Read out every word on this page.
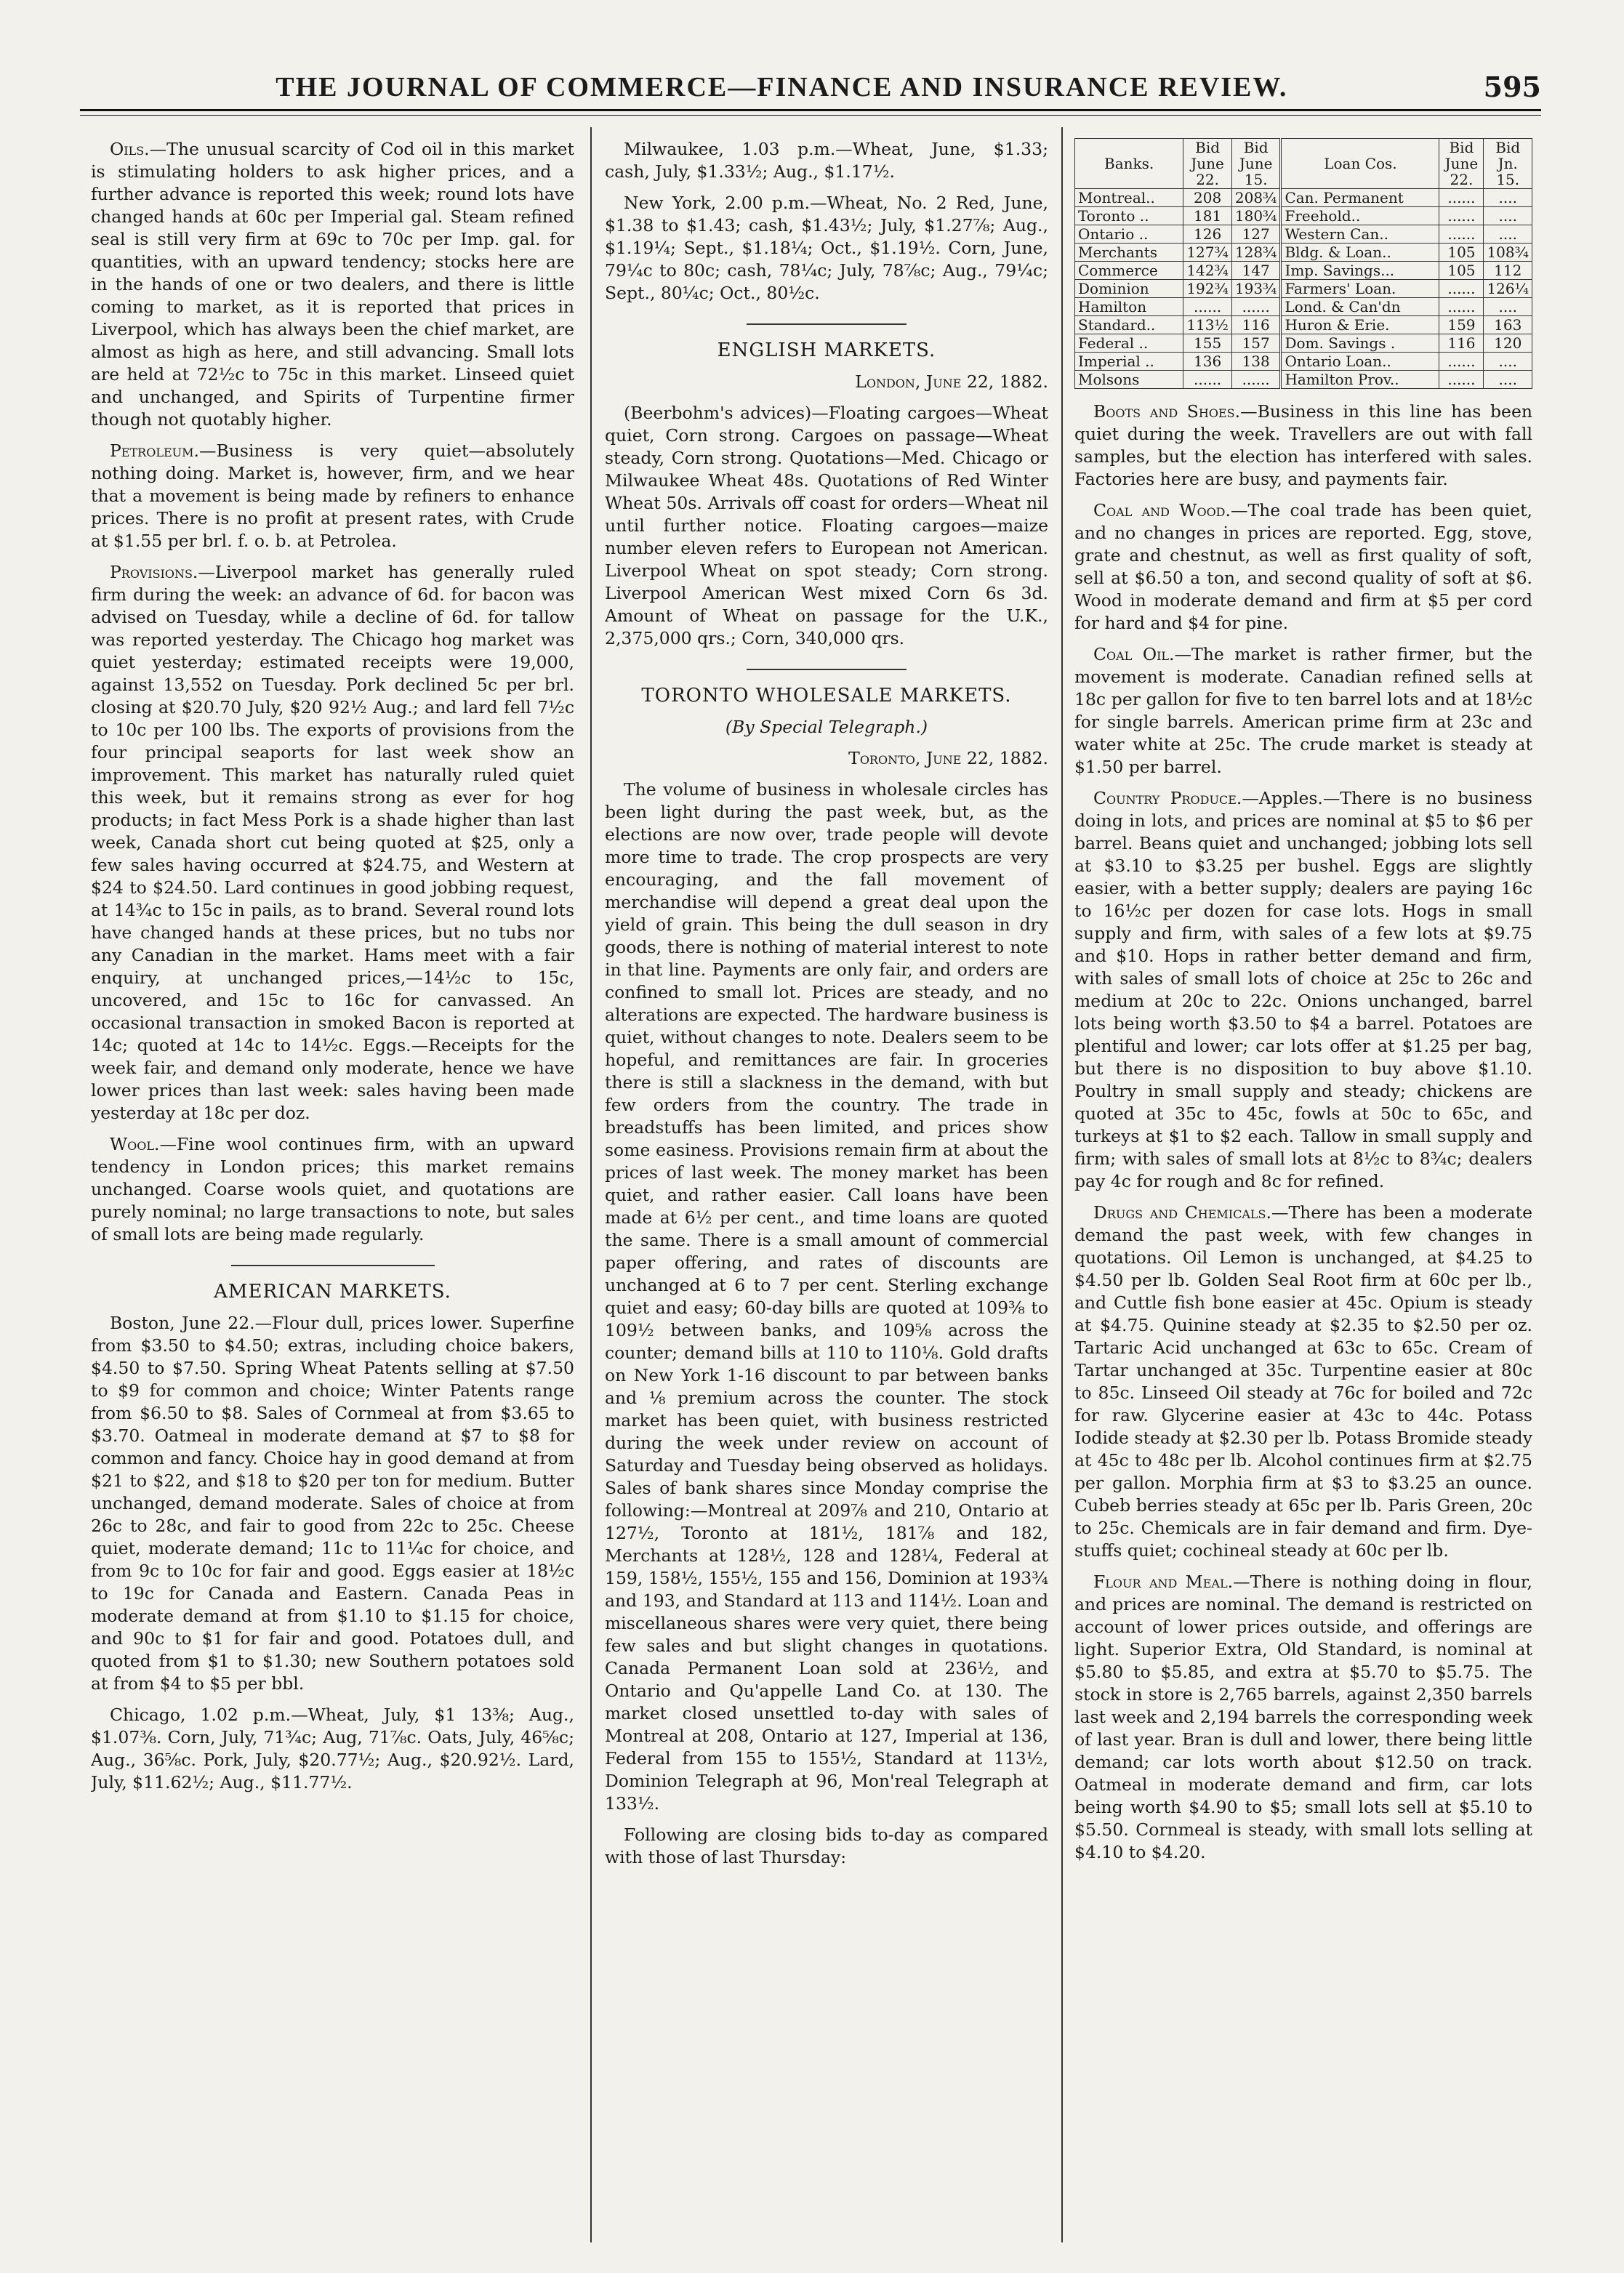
THE JOURNAL OF COMMERCE—FINANCE AND INSURANCE REVIEW.	595

Oils.—The unusual scarcity of Cod oil in this market is stimulating holders to ask higher prices, and a further advance is reported this week; round lots have changed hands at 60c per Imperial gal. Steam refined seal is still very firm at 69c to 70c per Imp. gal. for quantities, with an upward tendency; stocks here are in the hands of one or two dealers, and there is little coming to market, as it is reported that prices in Liverpool, which has always been the chief market, are almost as high as here, and still advancing. Small lots are held at 72½c to 75c in this market. Linseed quiet and unchanged, and Spirits of Turpentine firmer though not quotably higher.

Petroleum.—Business is very quiet—absolutely nothing doing. Market is, however, firm, and we hear that a movement is being made by refiners to enhance prices. There is no profit at present rates, with Crude at $1.55 per brl. f. o. b. at Petrolea.

Provisions.—Liverpool market has generally ruled firm during the week: an advance of 6d. for bacon was advised on Tuesday, while a decline of 6d. for tallow was reported yesterday. The Chicago hog market was quiet yesterday; estimated receipts were 19,000, against 13,552 on Tuesday. Pork declined 5c per brl. closing at $20.70 July, $20 92½ Aug.; and lard fell 7½c to 10c per 100 lbs. The exports of provisions from the four principal seaports for last week show an improvement. This market has naturally ruled quiet this week, but it remains strong as ever for hog products; in fact Mess Pork is a shade higher than last week, Canada short cut being quoted at $25, only a few sales having occurred at $24.75, and Western at $24 to $24.50. Lard continues in good jobbing request, at 14¾c to 15c in pails, as to brand. Several round lots have changed hands at these prices, but no tubs nor any Canadian in the market. Hams meet with a fair enquiry, at unchanged prices,—14½c to 15c, uncovered, and 15c to 16c for canvassed. An occasional transaction in smoked Bacon is reported at 14c; quoted at 14c to 14½c. Eggs.—Receipts for the week fair, and demand only moderate, hence we have lower prices than last week: sales having been made yesterday at 18c per doz.

Wool.—Fine wool continues firm, with an upward tendency in London prices; this market remains unchanged. Coarse wools quiet, and quotations are purely nominal; no large transactions to note, but sales of small lots are being made regularly.

AMERICAN MARKETS.

Boston, June 22.—Flour dull, prices lower. Superfine from $3.50 to $4.50; extras, including choice bakers, $4.50 to $7.50. Spring Wheat Patents selling at $7.50 to $9 for common and choice; Winter Patents range from $6.50 to $8. Sales of Cornmeal at from $3.65 to $3.70. Oatmeal in moderate demand at $7 to $8 for common and fancy. Choice hay in good demand at from $21 to $22, and $18 to $20 per ton for medium. Butter unchanged, demand moderate. Sales of choice at from 26c to 28c, and fair to good from 22c to 25c. Cheese quiet, moderate demand; 11c to 11¼c for choice, and from 9c to 10c for fair and good. Eggs easier at 18½c to 19c for Canada and Eastern. Canada Peas in moderate demand at from $1.10 to $1.15 for choice, and 90c to $1 for fair and good. Potatoes dull, and quoted from $1 to $1.30; new Southern potatoes sold at from $4 to $5 per bbl.

Chicago, 1.02 p.m.—Wheat, July, $1 13⅜; Aug., $1.07⅜. Corn, July, 71¾c; Aug, 71⅞c. Oats, July, 46⅝c; Aug., 36⅝c. Pork, July, $20.77½; Aug., $20.92½. Lard, July, $11.62½; Aug., $11.77½.

Milwaukee, 1.03 p.m.—Wheat, June, $1.33; cash, July, $1.33½; Aug., $1.17½.

New York, 2.00 p.m.—Wheat, No. 2 Red, June, $1.38 to $1.43; cash, $1.43½; July, $1.27⅞; Aug., $1.19¼; Sept., $1.18¼; Oct., $1.19½. Corn, June, 79¼c to 80c; cash, 78¼c; July, 78⅞c; Aug., 79¼c; Sept., 80¼c; Oct., 80½c.

ENGLISH MARKETS.

London, June 22, 1882.

(Beerbohm's advices)—Floating cargoes—Wheat quiet, Corn strong. Cargoes on passage—Wheat steady, Corn strong. Quotations—Med. Chicago or Milwaukee Wheat 48s. Quotations of Red Winter Wheat 50s. Arrivals off coast for orders—Wheat nil until further notice. Floating cargoes—maize number eleven refers to European not American. Liverpool Wheat on spot steady; Corn strong. Liverpool American West mixed Corn 6s 3d. Amount of Wheat on passage for the U.K., 2,375,000 qrs.; Corn, 340,000 qrs.

TORONTO WHOLESALE MARKETS.

(By Special Telegraph.)

Toronto, June 22, 1882.

The volume of business in wholesale circles has been light during the past week, but, as the elections are now over, trade people will devote more time to trade. The crop prospects are very encouraging, and the fall movement of merchandise will depend a great deal upon the yield of grain. This being the dull season in dry goods, there is nothing of material interest to note in that line. Payments are only fair, and orders are confined to small lot. Prices are steady, and no alterations are expected. The hardware business is quiet, without changes to note. Dealers seem to be hopeful, and remittances are fair. In groceries there is still a slackness in the demand, with but few orders from the country. The trade in breadstuffs has been limited, and prices show some easiness. Provisions remain firm at about the prices of last week. The money market has been quiet, and rather easier. Call loans have been made at 6½ per cent., and time loans are quoted the same. There is a small amount of commercial paper offering, and rates of discounts are unchanged at 6 to 7 per cent. Sterling exchange quiet and easy; 60-day bills are quoted at 109⅜ to 109½ between banks, and 109⅝ across the counter; demand bills at 110 to 110⅛. Gold drafts on New York 1-16 discount to par between banks and ⅛ premium across the counter. The stock market has been quiet, with business restricted during the week under review on account of Saturday and Tuesday being observed as holidays. Sales of bank shares since Monday comprise the following:—Montreal at 209⅞ and 210, Ontario at 127½, Toronto at 181½, 181⅞ and 182, Merchants at 128½, 128 and 128¼, Federal at 159, 158½, 155½, 155 and 156, Dominion at 193¾ and 193, and Standard at 113 and 114½. Loan and miscellaneous shares were very quiet, there being few sales and but slight changes in quotations. Canada Permanent Loan sold at 236½, and Ontario and Qu'appelle Land Co. at 130. The market closed unsettled to-day with sales of Montreal at 208, Ontario at 127, Imperial at 136, Federal from 155 to 155½, Standard at 113½, Dominion Telegraph at 96, Mon'real Telegraph at 133½.

Following are closing bids to-day as compared with those of last Thursday:

Banks.	Bid June 22.	Bid June 15.	Loan Cos.	Bid June 22.	Bid Jn. 15.
Montreal..	208	208¾	Can. Permanent	......	....
Toronto ..	181	180¾	Freehold..	......	....
Ontario ..	126	127	Western Can..	......	....
Merchants	127¾	128¾	Bldg. & Loan..	105	108¾
Commerce	142¾	147	Imp. Savings...	105	112
Dominion	192¾	193¾	Farmers' Loan.	......	126¼
Hamilton	......	......	Lond. & Can'dn	......	....
Standard..	113½	116	Huron & Erie.	159	163
Federal ..	155	157	Dom. Savings .	116	120
Imperial ..	136	138	Ontario Loan..	......	....
Molsons	......	......	Hamilton Prov..	......	....

Boots and Shoes.—Business in this line has been quiet during the week. Travellers are out with fall samples, but the election has interfered with sales. Factories here are busy, and payments fair.

Coal and Wood.—The coal trade has been quiet, and no changes in prices are reported. Egg, stove, grate and chestnut, as well as first quality of soft, sell at $6.50 a ton, and second quality of soft at $6. Wood in moderate demand and firm at $5 per cord for hard and $4 for pine.

Coal Oil.—The market is rather firmer, but the movement is moderate. Canadian refined sells at 18c per gallon for five to ten barrel lots and at 18½c for single barrels. American prime firm at 23c and water white at 25c. The crude market is steady at $1.50 per barrel.

Country Produce.—Apples.—There is no business doing in lots, and prices are nominal at $5 to $6 per barrel. Beans quiet and unchanged; jobbing lots sell at $3.10 to $3.25 per bushel. Eggs are slightly easier, with a better supply; dealers are paying 16c to 16½c per dozen for case lots. Hogs in small supply and firm, with sales of a few lots at $9.75 and $10. Hops in rather better demand and firm, with sales of small lots of choice at 25c to 26c and medium at 20c to 22c. Onions unchanged, barrel lots being worth $3.50 to $4 a barrel. Potatoes are plentiful and lower; car lots offer at $1.25 per bag, but there is no disposition to buy above $1.10. Poultry in small supply and steady; chickens are quoted at 35c to 45c, fowls at 50c to 65c, and turkeys at $1 to $2 each. Tallow in small supply and firm; with sales of small lots at 8½c to 8¾c; dealers pay 4c for rough and 8c for refined.

Drugs and Chemicals.—There has been a moderate demand the past week, with few changes in quotations. Oil Lemon is unchanged, at $4.25 to $4.50 per lb. Golden Seal Root firm at 60c per lb., and Cuttle fish bone easier at 45c. Opium is steady at $4.75. Quinine steady at $2.35 to $2.50 per oz. Tartaric Acid unchanged at 63c to 65c. Cream of Tartar unchanged at 35c. Turpentine easier at 80c to 85c. Linseed Oil steady at 76c for boiled and 72c for raw. Glycerine easier at 43c to 44c. Potass Iodide steady at $2.30 per lb. Potass Bromide steady at 45c to 48c per lb. Alcohol continues firm at $2.75 per gallon. Morphia firm at $3 to $3.25 an ounce. Cubeb berries steady at 65c per lb. Paris Green, 20c to 25c. Chemicals are in fair demand and firm. Dye-stuffs quiet; cochineal steady at 60c per lb.

Flour and Meal.—There is nothing doing in flour, and prices are nominal. The demand is restricted on account of lower prices outside, and offerings are light. Superior Extra, Old Standard, is nominal at $5.80 to $5.85, and extra at $5.70 to $5.75. The stock in store is 2,765 barrels, against 2,350 barrels last week and 2,194 barrels the corresponding week of last year. Bran is dull and lower, there being little demand; car lots worth about $12.50 on track. Oatmeal in moderate demand and firm, car lots being worth $4.90 to $5; small lots sell at $5.10 to $5.50. Cornmeal is steady, with small lots selling at $4.10 to $4.20.
